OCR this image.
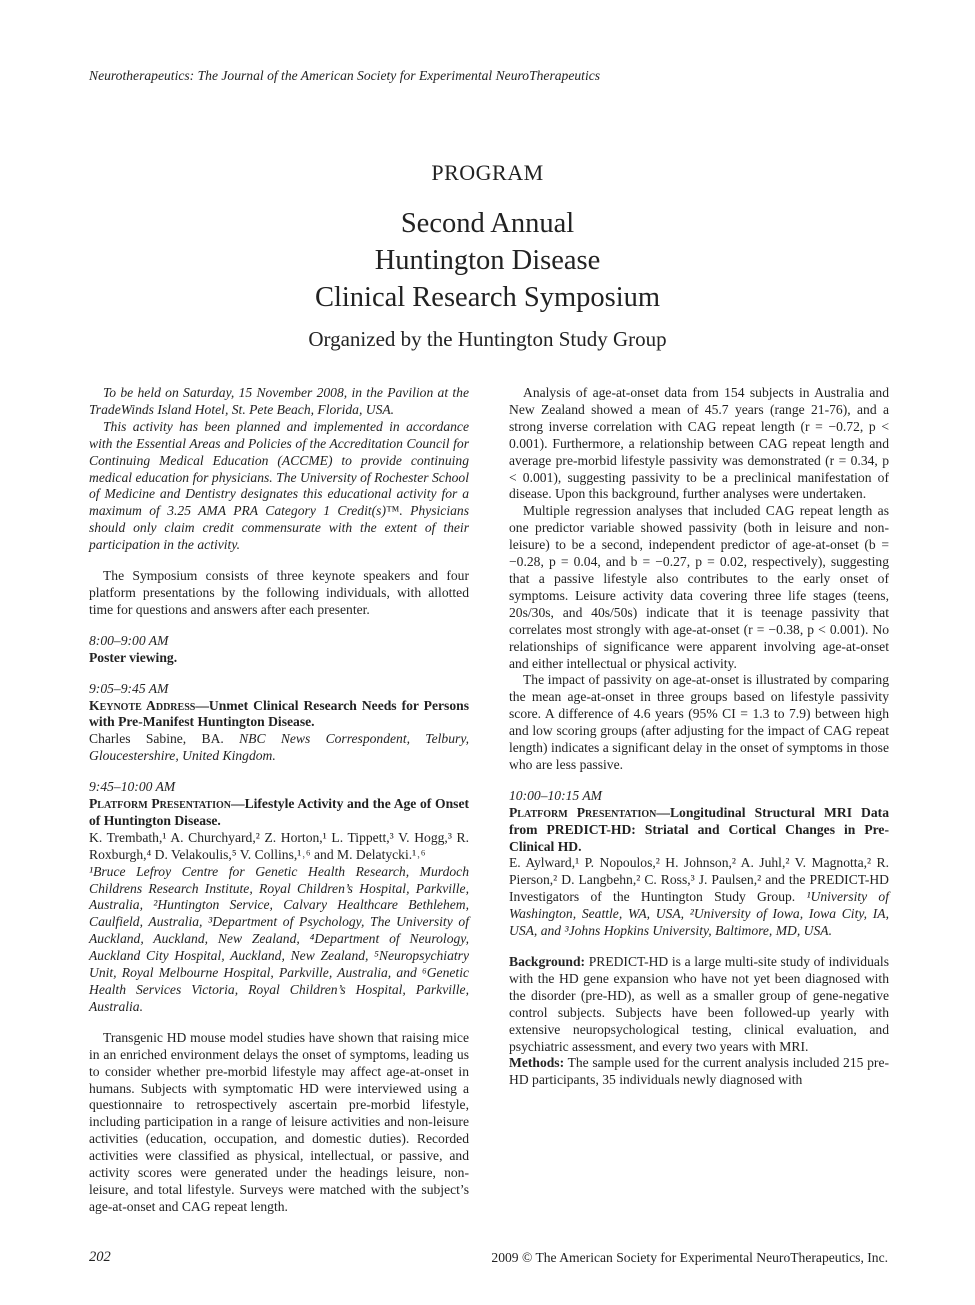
Neurotherapeutics: The Journal of the American Society for Experimental NeuroTherapeutics
PROGRAM
Second Annual
Huntington Disease
Clinical Research Symposium
Organized by the Huntington Study Group

To be held on Saturday, 15 November 2008, in the Pavilion at the TradeWinds Island Hotel, St. Pete Beach, Florida, USA.

This activity has been planned and implemented in accordance with the Essential Areas and Policies of the Accreditation Council for Continuing Medical Education (ACCME) to provide continuing medical education for physicians. The University of Rochester School of Medicine and Dentistry designates this educational activity for a maximum of 3.25 AMA PRA Category 1 Credit(s)™. Physicians should only claim credit commensurate with the extent of their participation in the activity.

The Symposium consists of three keynote speakers and four platform presentations by the following individuals, with allotted time for questions and answers after each presenter.

8:00–9:00 AM

Poster viewing.

9:05–9:45 AM

Keynote Address—Unmet Clinical Research Needs for Persons with Pre-Manifest Huntington Disease.

Charles Sabine, BA. NBC News Correspondent, Telbury, Gloucestershire, United Kingdom.

9:45–10:00 AM

Platform Presentation—Lifestyle Activity and the Age of Onset of Huntington Disease.

K. Trembath,¹ A. Churchyard,² Z. Horton,¹ L. Tippett,³ V. Hogg,³ R. Roxburgh,⁴ D. Velakoulis,⁵ V. Collins,¹˒⁶ and M. Delatycki.¹˒⁶

¹Bruce Lefroy Centre for Genetic Health Research, Murdoch Childrens Research Institute, Royal Children’s Hospital, Parkville, Australia, ²Huntington Service, Calvary Healthcare Bethlehem, Caulfield, Australia, ³Department of Psychology, The University of Auckland, Auckland, New Zealand, ⁴Department of Neurology, Auckland City Hospital, Auckland, New Zealand, ⁵Neuropsychiatry Unit, Royal Melbourne Hospital, Parkville, Australia, and ⁶Genetic Health Services Victoria, Royal Children’s Hospital, Parkville, Australia.

Transgenic HD mouse model studies have shown that raising mice in an enriched environment delays the onset of symptoms, leading us to consider whether pre-morbid lifestyle may affect age-at-onset in humans. Subjects with symptomatic HD were interviewed using a questionnaire to retrospectively ascertain pre-morbid lifestyle, including participation in a range of leisure activities and non-leisure activities (education, occupation, and domestic duties). Recorded activities were classified as physical, intellectual, or passive, and activity scores were generated under the headings leisure, non-leisure, and total lifestyle. Surveys were matched with the subject’s age-at-onset and CAG repeat length.

Analysis of age-at-onset data from 154 subjects in Australia and New Zealand showed a mean of 45.7 years (range 21-76), and a strong inverse correlation with CAG repeat length (r = −0.72, p < 0.001). Furthermore, a relationship between CAG repeat length and average pre-morbid lifestyle passivity was demonstrated (r = 0.34, p < 0.001), suggesting passivity to be a preclinical manifestation of disease. Upon this background, further analyses were undertaken.

Multiple regression analyses that included CAG repeat length as one predictor variable showed passivity (both in leisure and non-leisure) to be a second, independent predictor of age-at-onset (b = −0.28, p = 0.04, and b = −0.27, p = 0.02, respectively), suggesting that a passive lifestyle also contributes to the early onset of symptoms. Leisure activity data covering three life stages (teens, 20s/30s, and 40s/50s) indicate that it is teenage passivity that correlates most strongly with age-at-onset (r = −0.38, p < 0.001). No relationships of significance were apparent involving age-at-onset and either intellectual or physical activity.

The impact of passivity on age-at-onset is illustrated by comparing the mean age-at-onset in three groups based on lifestyle passivity score. A difference of 4.6 years (95% CI = 1.3 to 7.9) between high and low scoring groups (after adjusting for the impact of CAG repeat length) indicates a significant delay in the onset of symptoms in those who are less passive.

10:00–10:15 AM

Platform Presentation—Longitudinal Structural MRI Data from PREDICT-HD: Striatal and Cortical Changes in Pre-Clinical HD.

E. Aylward,¹ P. Nopoulos,² H. Johnson,² A. Juhl,² V. Magnotta,² R. Pierson,² D. Langbehn,² C. Ross,³ J. Paulsen,² and the PREDICT-HD Investigators of the Huntington Study Group. ¹University of Washington, Seattle, WA, USA, ²University of Iowa, Iowa City, IA, USA, and ³Johns Hopkins University, Baltimore, MD, USA.

Background: PREDICT-HD is a large multi-site study of individuals with the HD gene expansion who have not yet been diagnosed with the disorder (pre-HD), as well as a smaller group of gene-negative control subjects. Subjects have been followed-up yearly with extensive neuropsychological testing, clinical evaluation, and psychiatric assessment, and every two years with MRI.

Methods: The sample used for the current analysis included 215 pre-HD participants, 35 individuals newly diagnosed with

202	2009 © The American Society for Experimental NeuroTherapeutics, Inc.
